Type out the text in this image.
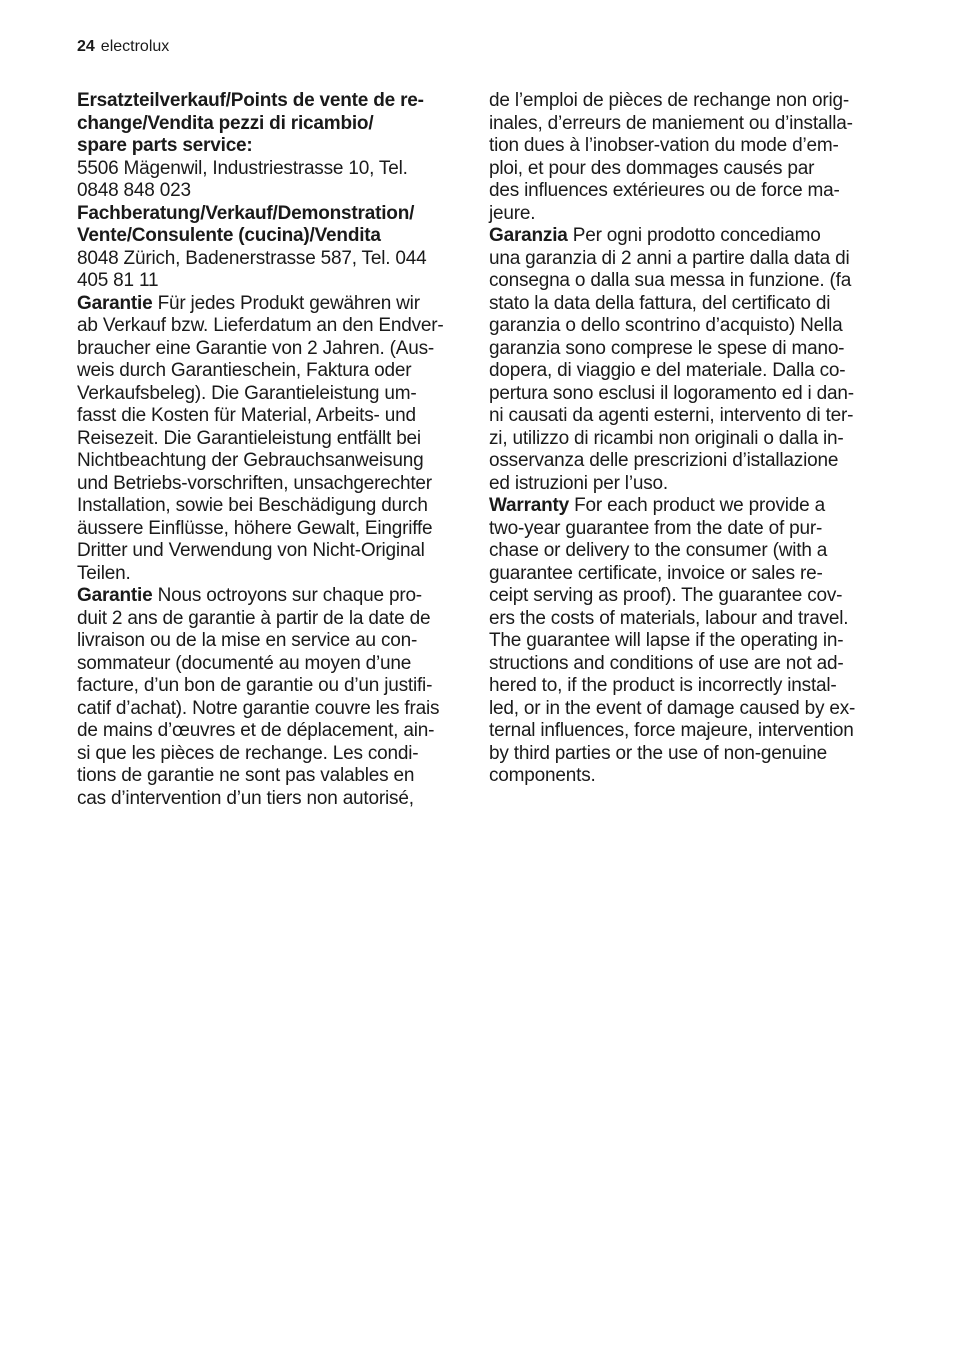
24 electrolux

Ersatzteilverkauf/Points de vente de re-
change/Vendita pezzi di ricambio/
spare parts service:

5506 Mägenwil, Industriestrasse 10, Tel.
0848 848 023

Fachberatung/Verkauf/Demonstration/
Vente/Consulente (cucina)/Vendita

8048 Zürich, Badenerstrasse 587, Tel. 044
405 81 11

Garantie Für jedes Produkt gewähren wir
ab Verkauf bzw. Lieferdatum an den Endver-
braucher eine Garantie von 2 Jahren. (Aus-
weis durch Garantieschein, Faktura oder
Verkaufsbeleg). Die Garantieleistung um-
fasst die Kosten für Material, Arbeits- und
Reisezeit. Die Garantieleistung entfällt bei
Nichtbeachtung der Gebrauchsanweisung
und Betriebs-vorschriften, unsachgerechter
Installation, sowie bei Beschädigung durch
äussere Einflüsse, höhere Gewalt, Eingriffe
Dritter und Verwendung von Nicht-Original
Teilen.

Garantie Nous octroyons sur chaque pro-
duit 2 ans de garantie à partir de la date de
livraison ou de la mise en service au con-
sommateur (documenté au moyen d’une
facture, d’un bon de garantie ou d’un justifi-
catif d’achat). Notre garantie couvre les frais
de mains d’œuvres et de déplacement, ain-
si que les pièces de rechange. Les condi-
tions de garantie ne sont pas valables en
cas d’intervention d’un tiers non autorisé,

de l’emploi de pièces de rechange non orig-
inales, d’erreurs de maniement ou d’installa-
tion dues à l’inobser-vation du mode d’em-
ploi, et pour des dommages causés par
des influences extérieures ou de force ma-
jeure.

Garanzia Per ogni prodotto concediamo
una garanzia di 2 anni a partire dalla data di
consegna o dalla sua messa in funzione. (fa
stato la data della fattura, del certificato di
garanzia o dello scontrino d’acquisto) Nella
garanzia sono comprese le spese di mano-
dopera, di viaggio e del materiale. Dalla co-
pertura sono esclusi il logoramento ed i dan-
ni causati da agenti esterni, intervento di ter-
zi, utilizzo di ricambi non originali o dalla in-
osservanza delle prescrizioni d’istallazione
ed istruzioni per l’uso.

Warranty For each product we provide a
two-year guarantee from the date of pur-
chase or delivery to the consumer (with a
guarantee certificate, invoice or sales re-
ceipt serving as proof). The guarantee cov-
ers the costs of materials, labour and travel.
The guarantee will lapse if the operating in-
structions and conditions of use are not ad-
hered to, if the product is incorrectly instal-
led, or in the event of damage caused by ex-
ternal influences, force majeure, intervention
by third parties or the use of non-genuine
components.
